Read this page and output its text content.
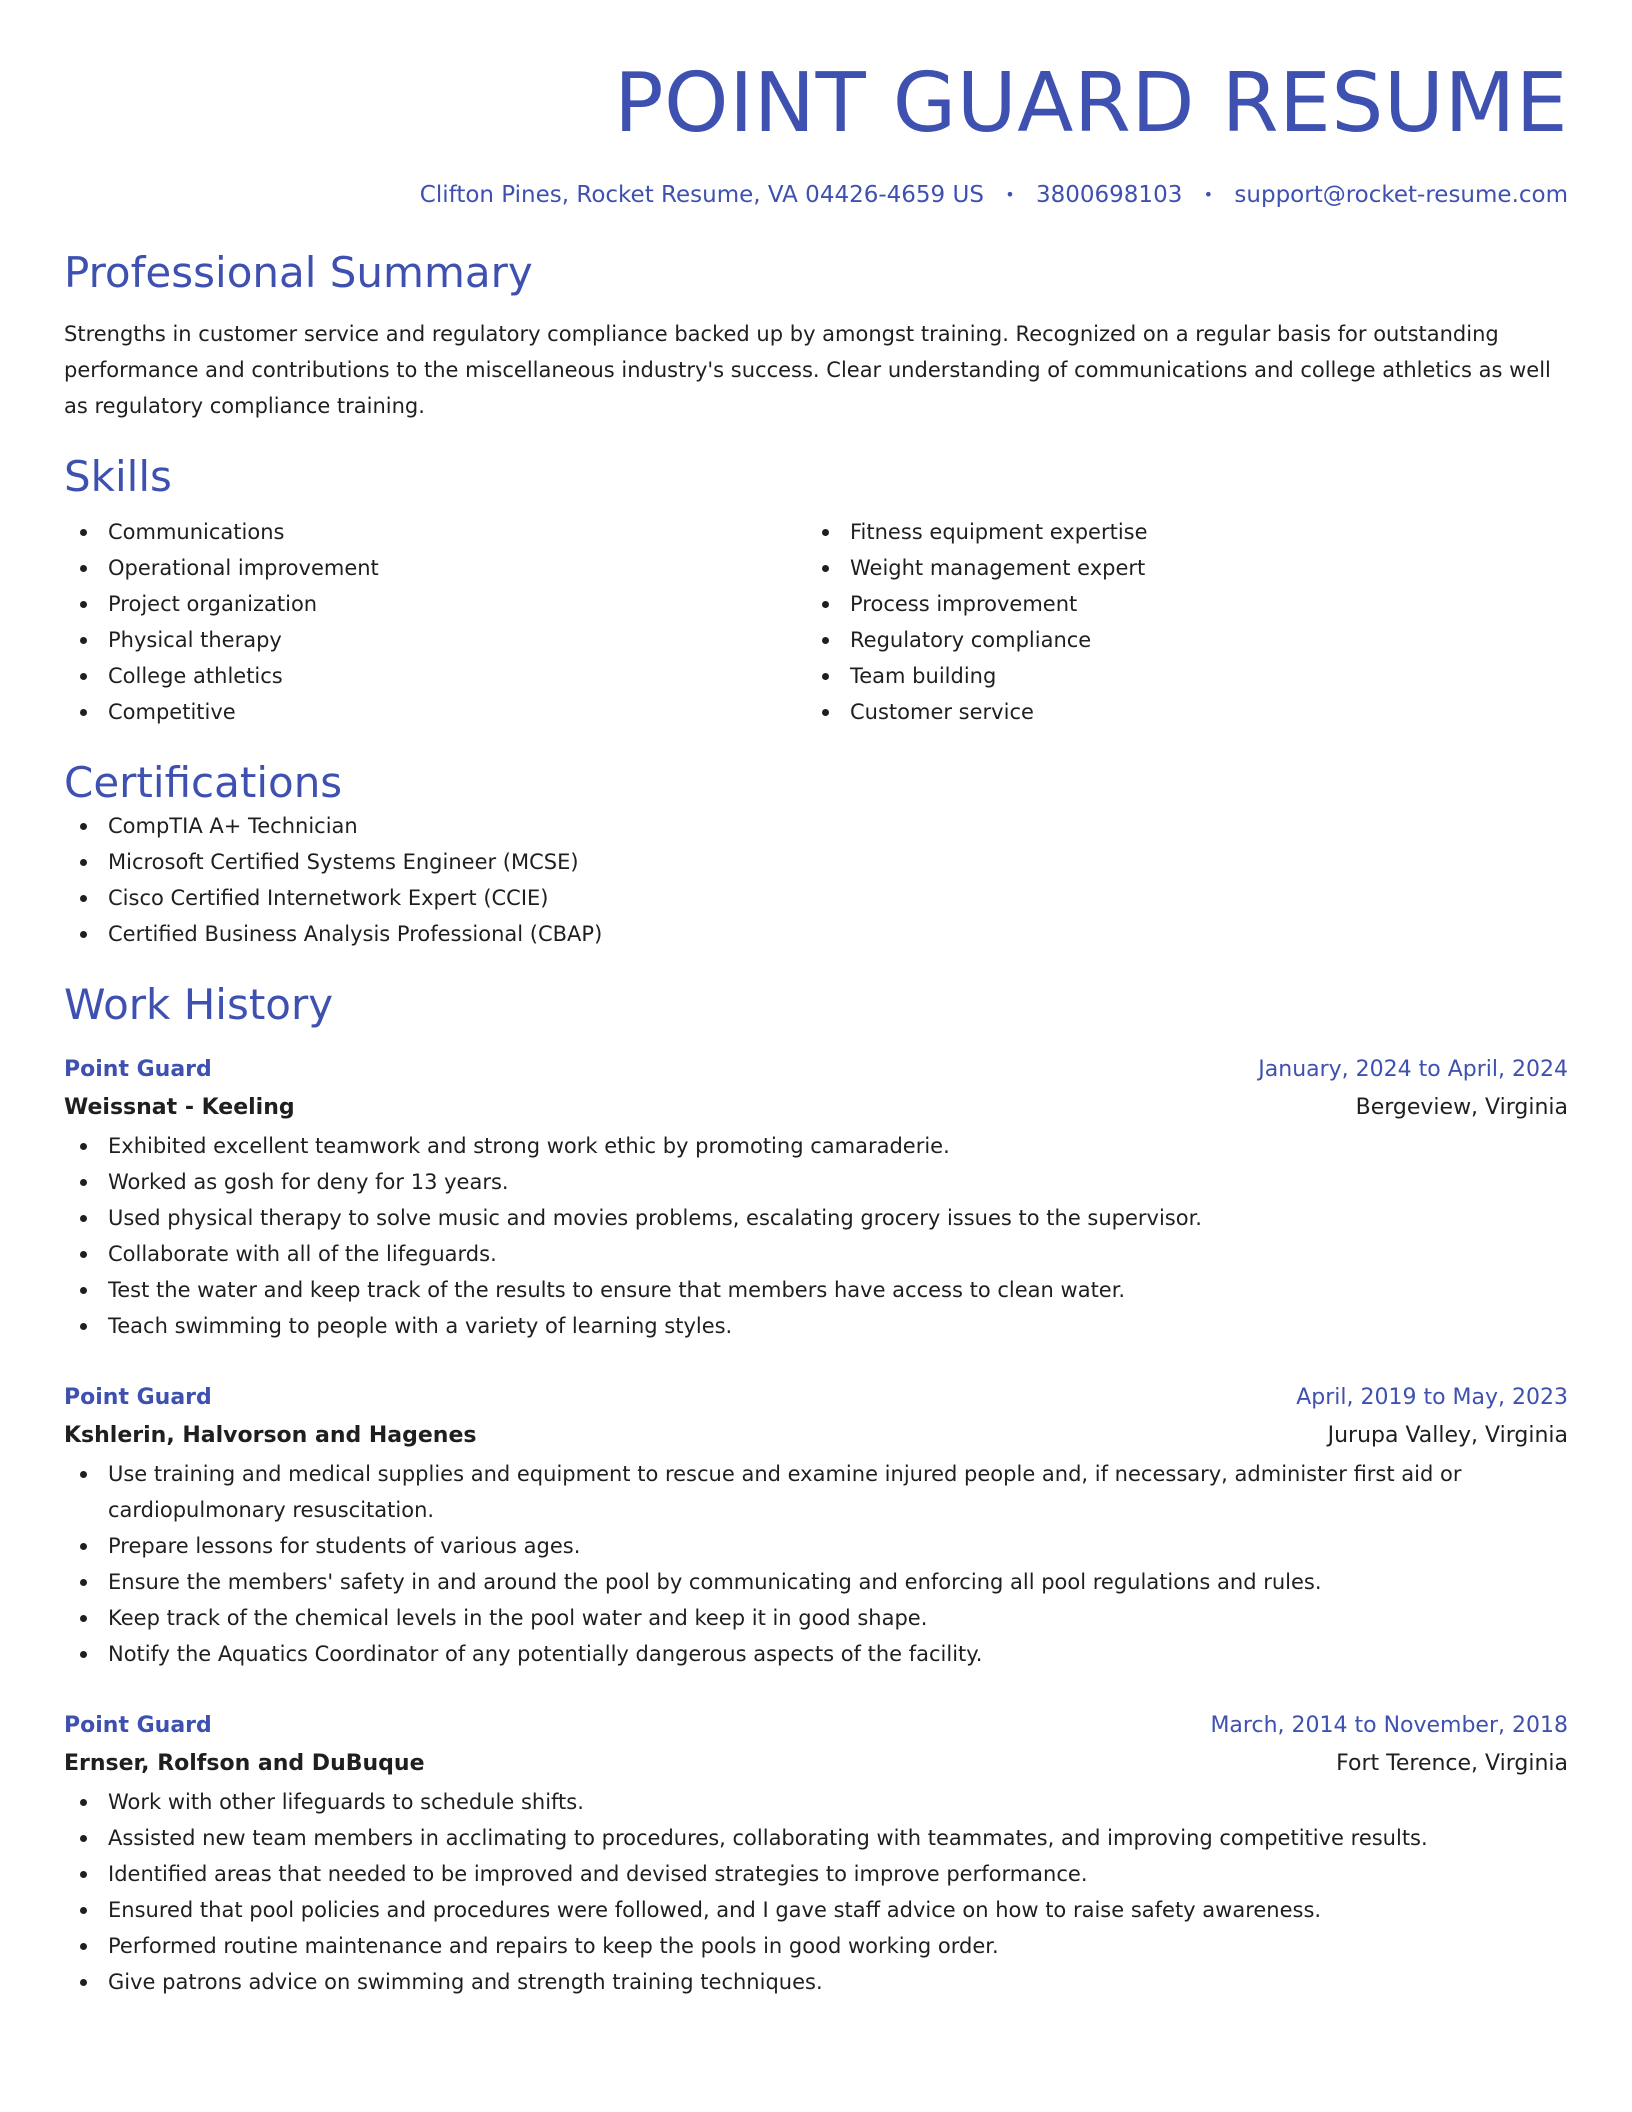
POINT GUARD RESUME
Clifton Pines, Rocket Resume, VA 04426-4659 US • 3800698103 • support@rocket-resume.com
Professional Summary
Strengths in customer service and regulatory compliance backed up by amongst training. Recognized on a regular basis for outstanding performance and contributions to the miscellaneous industry's success. Clear understanding of communications and college athletics as well as regulatory compliance training.
Skills
Communications
Operational improvement
Project organization
Physical therapy
College athletics
Competitive
Fitness equipment expertise
Weight management expert
Process improvement
Regulatory compliance
Team building
Customer service
Certifications
CompTIA A+ Technician
Microsoft Certified Systems Engineer (MCSE)
Cisco Certified Internetwork Expert (CCIE)
Certified Business Analysis Professional (CBAP)
Work History
Point Guard	January, 2024 to April, 2024
Weissnat - Keeling	Bergeview, Virginia
Exhibited excellent teamwork and strong work ethic by promoting camaraderie.
Worked as gosh for deny for 13 years.
Used physical therapy to solve music and movies problems, escalating grocery issues to the supervisor.
Collaborate with all of the lifeguards.
Test the water and keep track of the results to ensure that members have access to clean water.
Teach swimming to people with a variety of learning styles.
Point Guard	April, 2019 to May, 2023
Kshlerin, Halvorson and Hagenes	Jurupa Valley, Virginia
Use training and medical supplies and equipment to rescue and examine injured people and, if necessary, administer first aid or cardiopulmonary resuscitation.
Prepare lessons for students of various ages.
Ensure the members' safety in and around the pool by communicating and enforcing all pool regulations and rules.
Keep track of the chemical levels in the pool water and keep it in good shape.
Notify the Aquatics Coordinator of any potentially dangerous aspects of the facility.
Point Guard	March, 2014 to November, 2018
Ernser, Rolfson and DuBuque	Fort Terence, Virginia
Work with other lifeguards to schedule shifts.
Assisted new team members in acclimating to procedures, collaborating with teammates, and improving competitive results.
Identified areas that needed to be improved and devised strategies to improve performance.
Ensured that pool policies and procedures were followed, and I gave staff advice on how to raise safety awareness.
Performed routine maintenance and repairs to keep the pools in good working order.
Give patrons advice on swimming and strength training techniques.
